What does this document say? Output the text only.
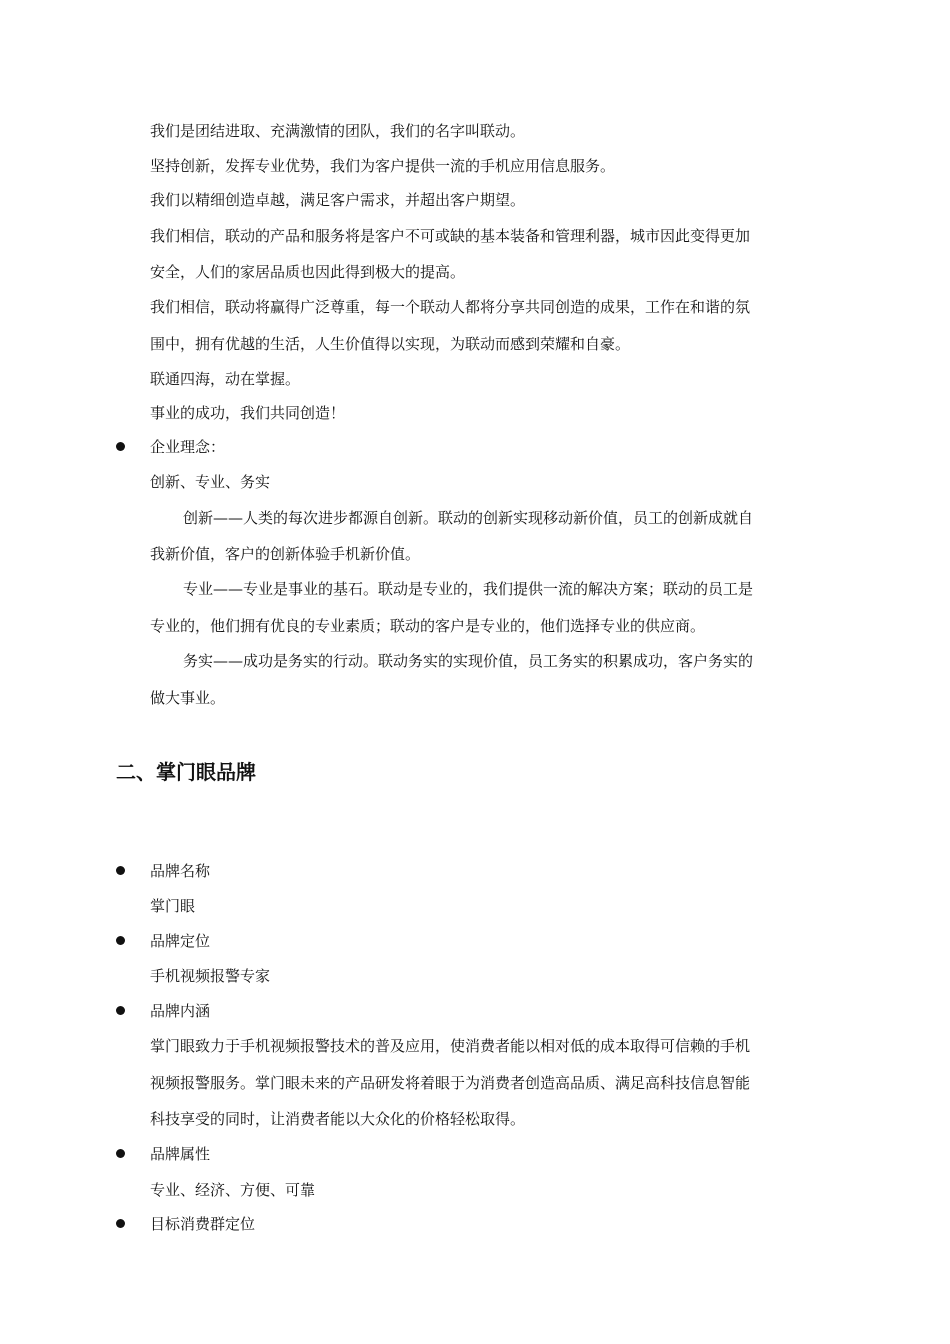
我们是团结进取、充满激情的团队，我们的名字叫联动。
坚持创新，发挥专业优势，我们为客户提供一流的手机应用信息服务。
我们以精细创造卓越，满足客户需求，并超出客户期望。
我们相信，联动的产品和服务将是客户不可或缺的基本装备和管理利器，城市因此变得更加
安全，人们的家居品质也因此得到极大的提高。
我们相信，联动将赢得广泛尊重，每一个联动人都将分享共同创造的成果，工作在和谐的氛
围中，拥有优越的生活，人生价值得以实现，为联动而感到荣耀和自豪。
联通四海，动在掌握。
事业的成功，我们共同创造！
企业理念：
创新、专业、务实
创新——人类的每次进步都源自创新。联动的创新实现移动新价值，员工的创新成就自
我新价值，客户的创新体验手机新价值。
专业——专业是事业的基石。联动是专业的，我们提供一流的解决方案；联动的员工是
专业的，他们拥有优良的专业素质；联动的客户是专业的，他们选择专业的供应商。
务实——成功是务实的行动。联动务实的实现价值，员工务实的积累成功，客户务实的
做大事业。
二、掌门眼品牌
品牌名称
掌门眼
品牌定位
手机视频报警专家
品牌内涵
掌门眼致力于手机视频报警技术的普及应用，使消费者能以相对低的成本取得可信赖的手机
视频报警服务。掌门眼未来的产品研发将着眼于为消费者创造高品质、满足高科技信息智能
科技享受的同时，让消费者能以大众化的价格轻松取得。
品牌属性
专业、经济、方便、可靠
目标消费群定位
